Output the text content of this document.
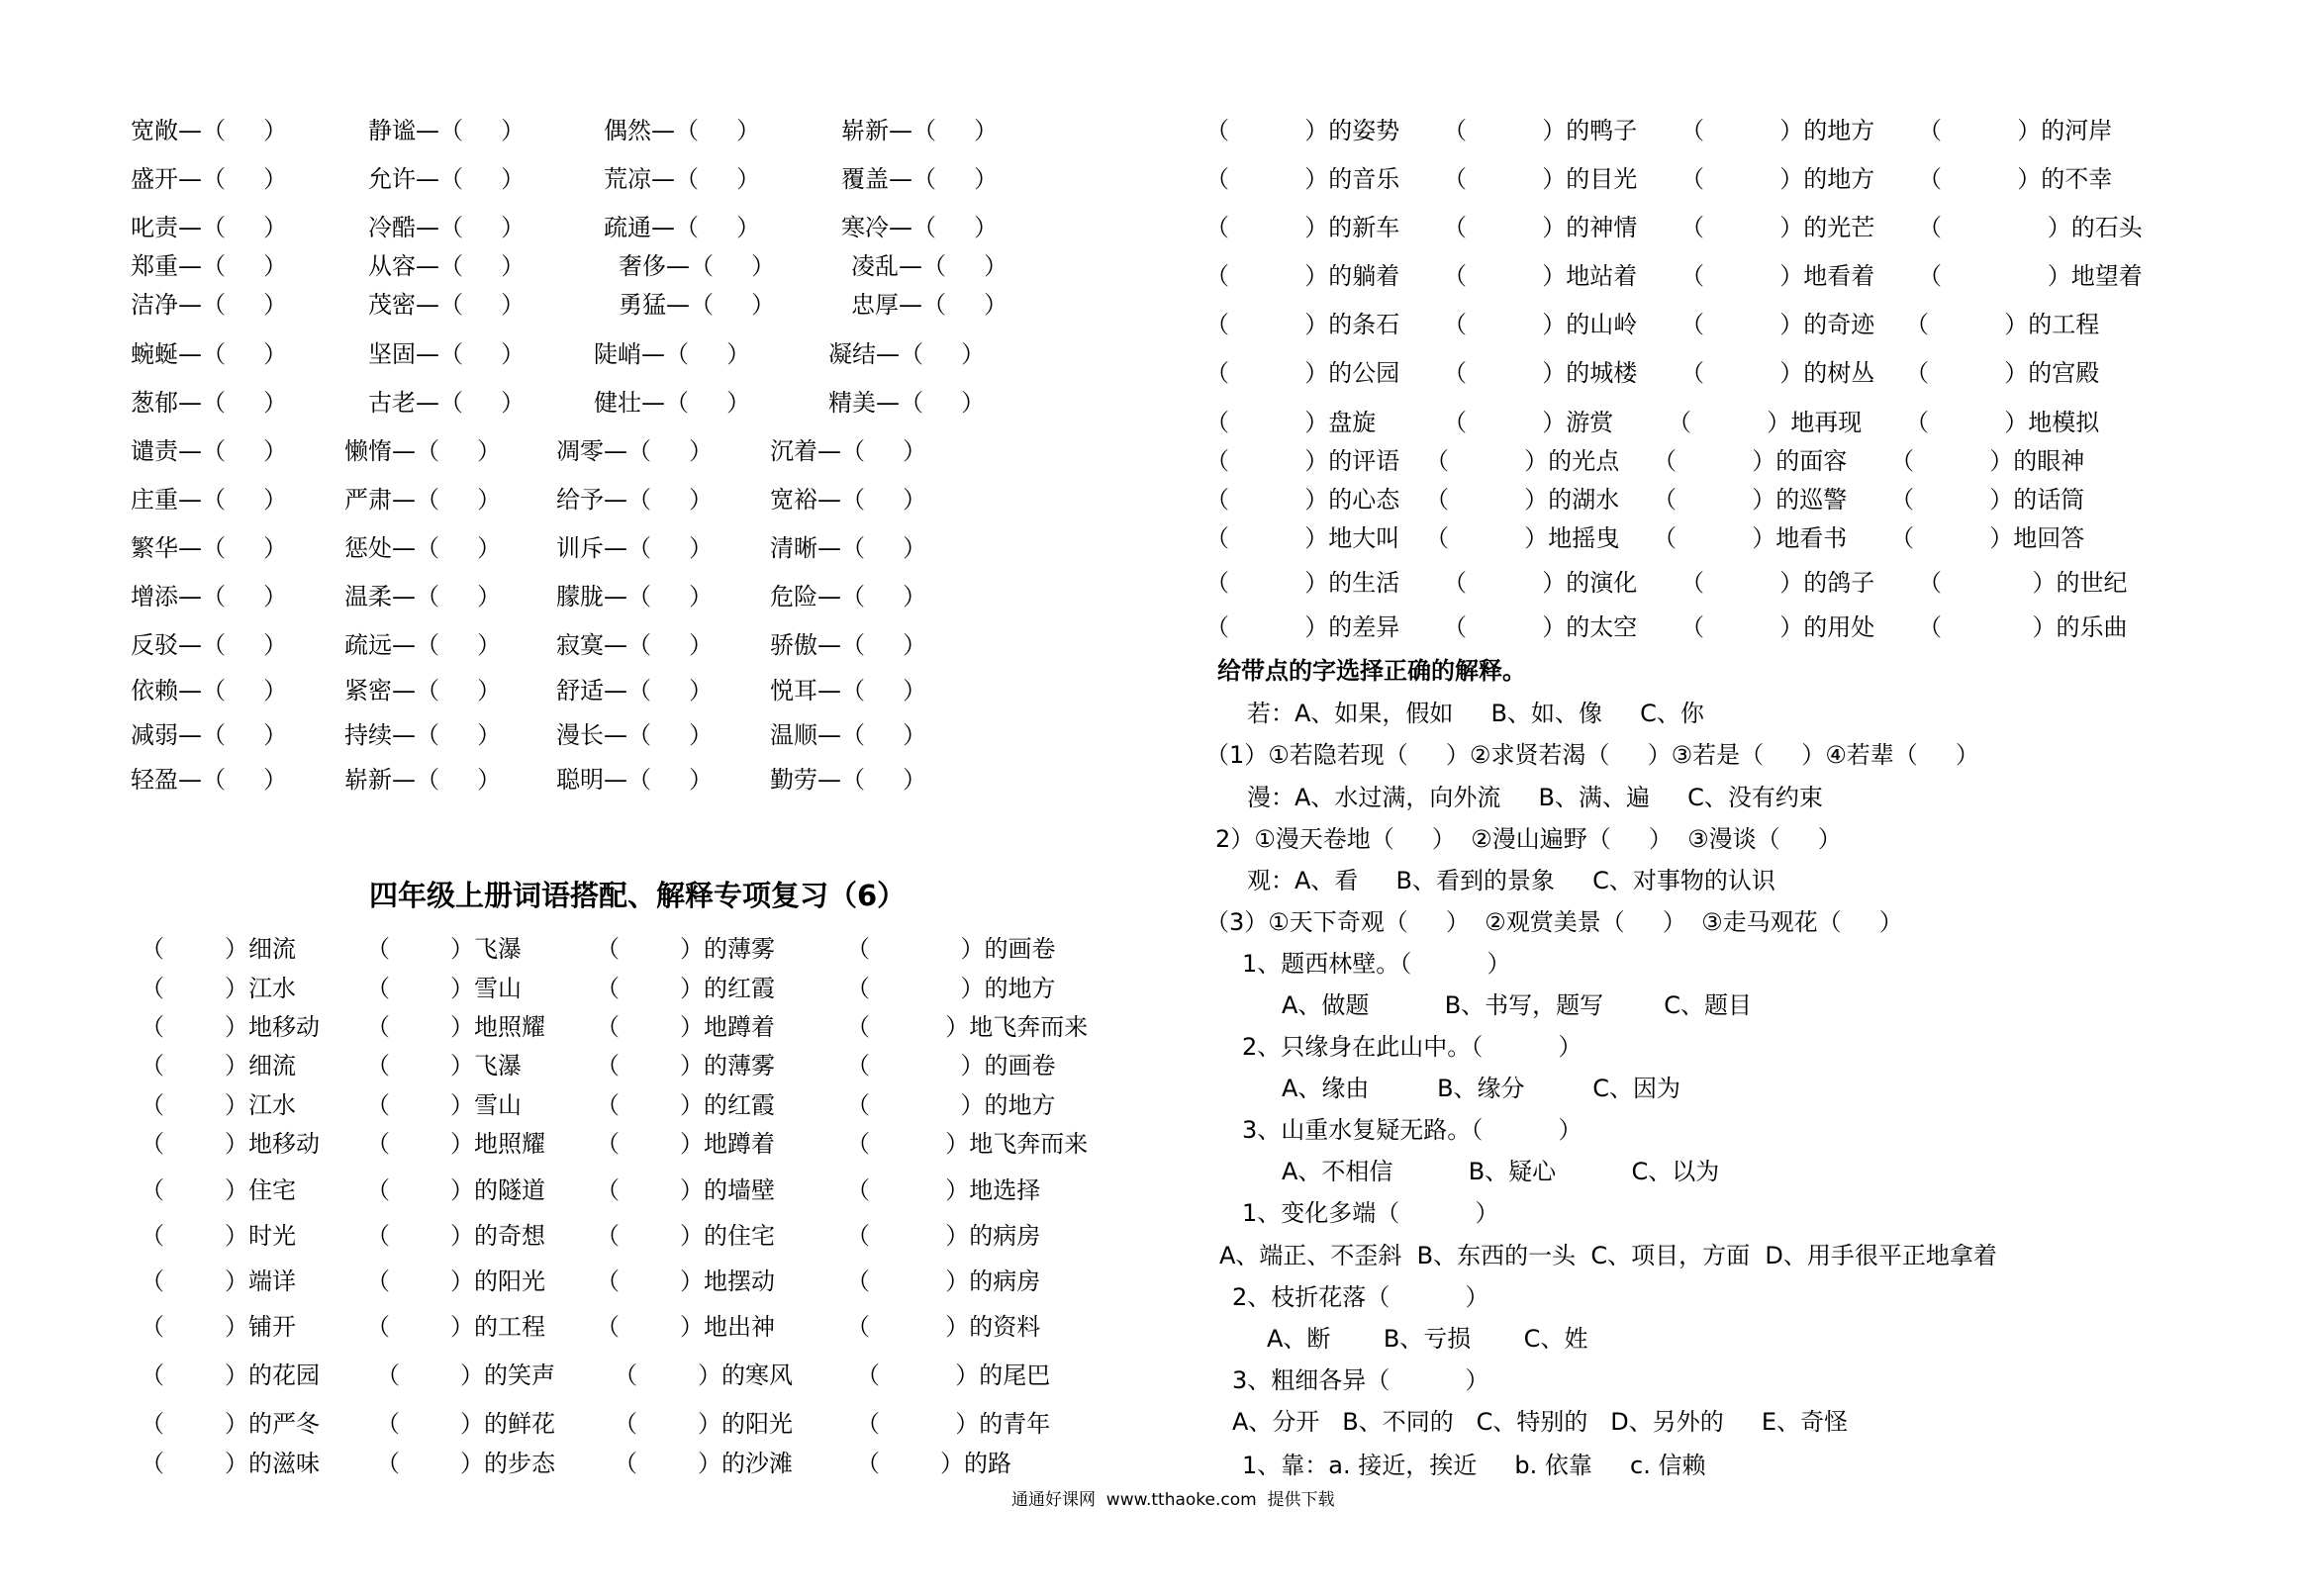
宽敞—（     ）	静谧—（     ）	偶然—（     ）	崭新—（     ）
盛开—（     ）	允许—（     ）	荒凉—（     ）	覆盖—（     ）
叱责—（     ）	冷酷—（     ）	疏通—（     ）	寒冷—（     ）
郑重—（     ）	从容—（     ）	奢侈—（     ）	凌乱—（     ）
洁净—（     ）	茂密—（     ）	勇猛—（     ）	忠厚—（     ）
蜿蜒—（     ）	坚固—（     ）	陡峭—（     ）	凝结—（     ）
葱郁—（     ）	古老—（     ）	健壮—（     ）	精美—（     ）
谴责—（     ） 懒惰—（     ） 凋零—（     ） 沉着—（     ）
庄重—（     ） 严肃—（     ） 给予—（     ） 宽裕—（     ）
繁华—（     ） 惩处—（     ） 训斥—（     ） 清晰—（     ）
增添—（     ） 温柔—（     ） 朦胧—（     ） 危险—（     ）
反驳—（     ） 疏远—（     ） 寂寞—（     ） 骄傲—（     ）
依赖—（     ） 紧密—（     ） 舒适—（     ） 悦耳—（     ）
减弱—（     ） 持续—（     ） 漫长—（     ） 温顺—（     ）
轻盈—（     ） 崭新—（     ） 聪明—（     ） 勤劳—（     ）
四年级上册词语搭配、解释专项复习（6）
（        ）细流	（        ）飞瀑	（        ）的薄雾	（            ）的画卷
（        ）江水	（        ）雪山	（        ）的红霞	（            ）的地方
（        ）地移动 （        ）地照耀 （        ）地蹲着	（          ）地飞奔而来
（        ）细流	（        ）飞瀑	（        ）的薄雾	（            ）的画卷
（        ）江水	（        ）雪山	（        ）的红霞	（            ）的地方
（        ）地移动 （        ）地照耀 （        ）地蹲着	（          ）地飞奔而来
（        ）住宅	（        ）的隧道 （        ）的墙壁	（          ）地选择
（        ）时光	（        ）的奇想 （        ）的住宅	（          ）的病房
（        ）端详	（        ）的阳光 （        ）地摆动	（          ）的病房
（        ）铺开	（        ）的工程 （        ）地出神	（          ）的资料
（        ）的花园 （        ）的笑声 （        ）的寒风	（          ）的尾巴
（        ）的严冬 （        ）的鲜花 （        ）的阳光	（          ）的青年
（        ）的滋味 （        ）的步态 （        ）的沙滩	（        ）的路
（          ）的姿势 （          ）的鸭子 （          ）的地方 （          ）的河岸
（          ）的音乐 （          ）的目光 （          ）的地方 （          ）的不幸
（          ）的新车 （          ）的神情 （          ）的光芒 （              ）的石头
（          ）的躺着 （          ）地站着 （          ）地看着 （              ）地望着
（          ）的条石 （          ）的山岭 （          ）的奇迹 （          ）的工程
（          ）的公园 （          ）的城楼 （          ）的树丛 （          ）的宫殿
（          ）盘旋	（          ）游赏 （          ）地再现 （          ）地模拟
（          ）的评语 （          ）的光点 （          ）的面容 （          ）的眼神
（          ）的心态 （          ）的湖水 （          ）的巡警 （          ）的话筒
（          ）地大叫 （          ）地摇曳 （          ）地看书 （          ）地回答
（          ）的生活 （          ）的演化 （          ）的鸽子 （            ）的世纪
（          ）的差异 （          ）的太空 （          ）的用处 （            ）的乐曲
给带点的字选择正确的解释。
若：A、如果，假如     B、如、像     C、你
（1）①若隐若现（     ）②求贤若渴（     ）③若是（     ）④若辈（     ）
漫：A、水过满，向外流     B、满、遍     C、没有约束
2）①漫天卷地（     ）  ②漫山遍野（     ）  ③漫谈（     ）
观：A、看     B、看到的景象     C、对事物的认识
（3）①天下奇观（     ）  ②观赏美景（     ）  ③走马观花（     ）
1、题西林壁。（          ）
A、做题          B、书写，题写        C、题目
2、只缘身在此山中。（          ）
A、缘由         B、缘分         C、因为
3、山重水复疑无路。（          ）
A、不相信          B、疑心          C、以为
1、变化多端（          ）
A、端正、不歪斜  B、东西的一头  C、项目，方面  D、用手很平正地拿着
2、枝折花落（          ）
A、断       B、亏损       C、姓
3、粗细各异（          ）
A、分开   B、不同的   C、特别的   D、另外的     E、奇怪
1、靠：a. 接近，挨近     b. 依靠     c. 信赖
通通好课网  www.tthaoke.com  提供下载
